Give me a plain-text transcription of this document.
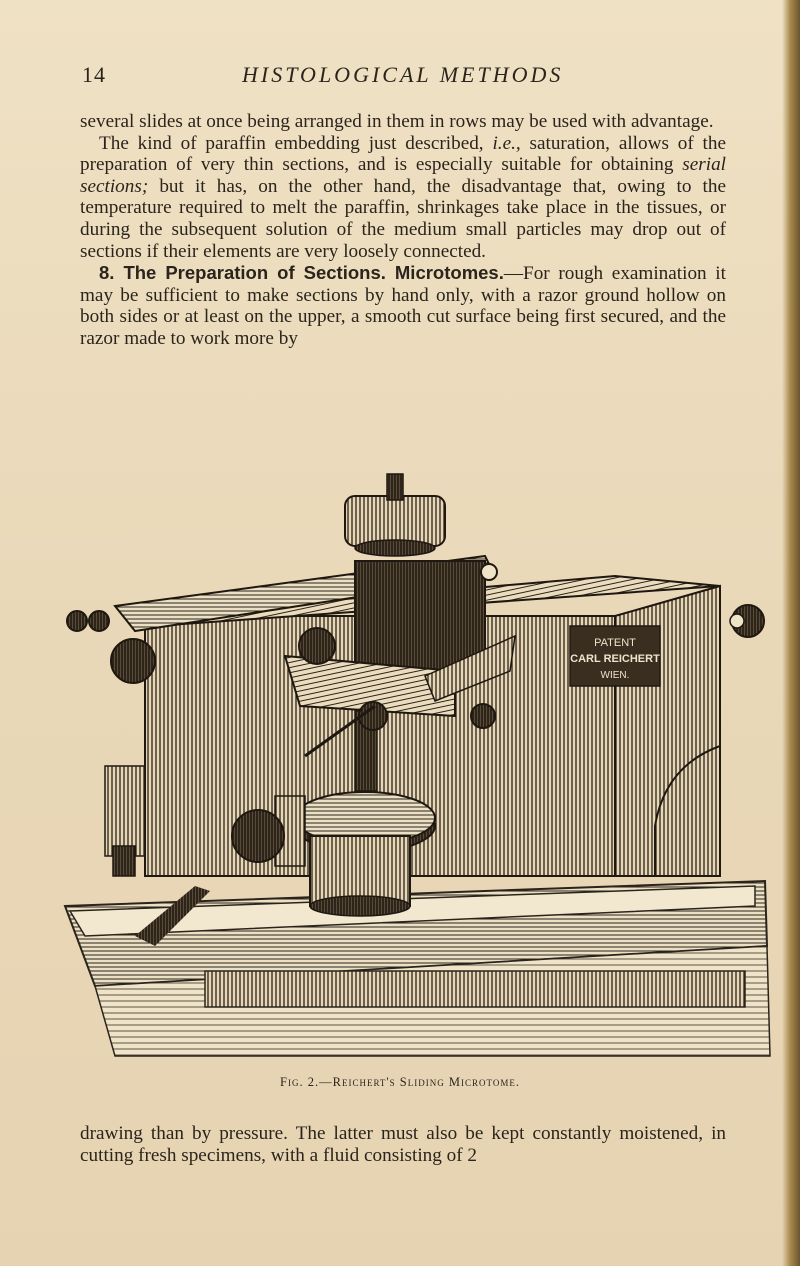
14	HISTOLOGICAL METHODS

several slides at once being arranged in them in rows may be used with advantage.

The kind of paraffin embedding just described, i.e., saturation, allows of the preparation of very thin sections, and is especially suitable for obtaining serial sections; but it has, on the other hand, the disadvantage that, owing to the temperature required to melt the paraffin, shrinkages take place in the tissues, or during the subsequent solution of the medium small particles may drop out of sections if their elements are very loosely connected.

8. The Preparation of Sections. Microtomes.—For rough examination it may be sufficient to make sections by hand only, with a razor ground hollow on both sides or at least on the upper, a smooth cut surface being first secured, and the razor made to work more by

PATENT
CARL REICHERT
WIEN.
Fig. 2.—Reichert's Sliding Microtome.

drawing than by pressure. The latter must also be kept constantly moistened, in cutting fresh specimens, with a fluid consisting of 2
